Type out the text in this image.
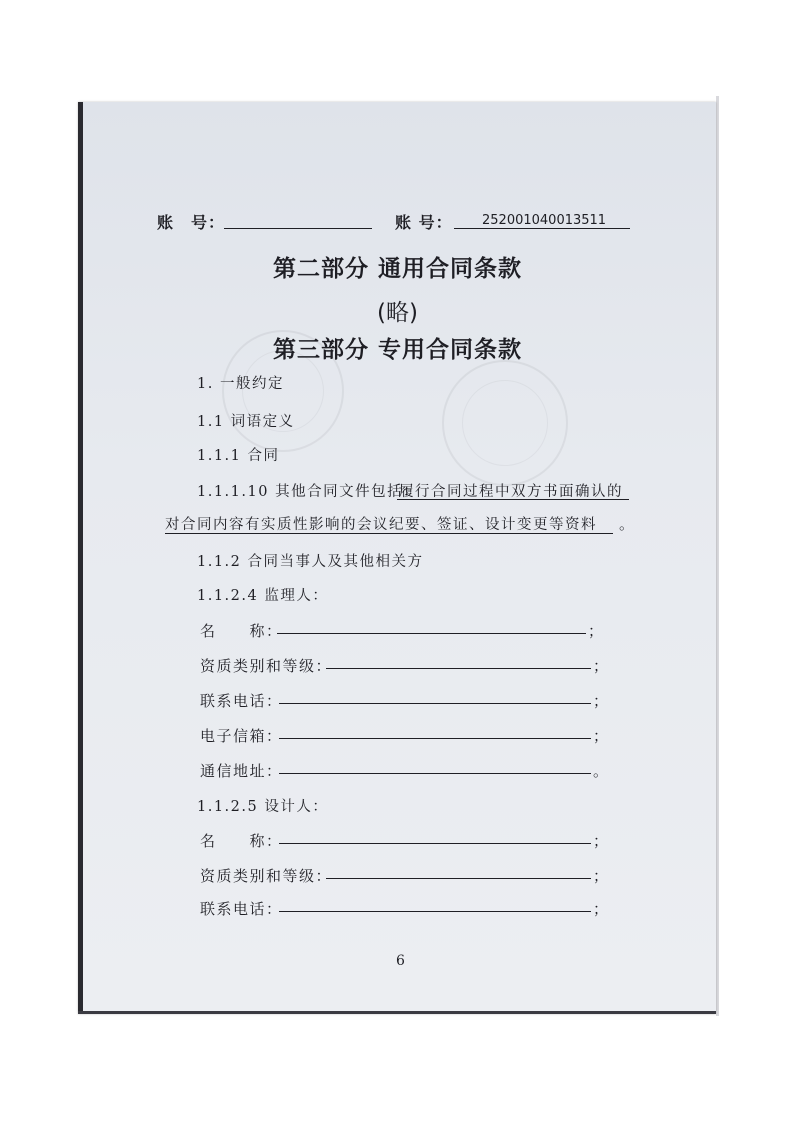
账　号：	账 号： 252001040013511
第二部分 通用合同条款
(略)
第三部分 专用合同条款
1. 一般约定
1.1 词语定义
1.1.1 合同
1.1.1.10 其他合同文件包括：
履行合同过程中双方书面确认的
对合同内容有实质性影响的会议纪要、签证、设计变更等资料 。
1.1.2 合同当事人及其他相关方
1.1.2.4 监理人：
名　　称：	；
资质类别和等级：	；
联系电话：	；
电子信箱：	；
通信地址：	。
1.1.2.5 设计人：
名　　称：	；
资质类别和等级：	；
联系电话：	；
6
